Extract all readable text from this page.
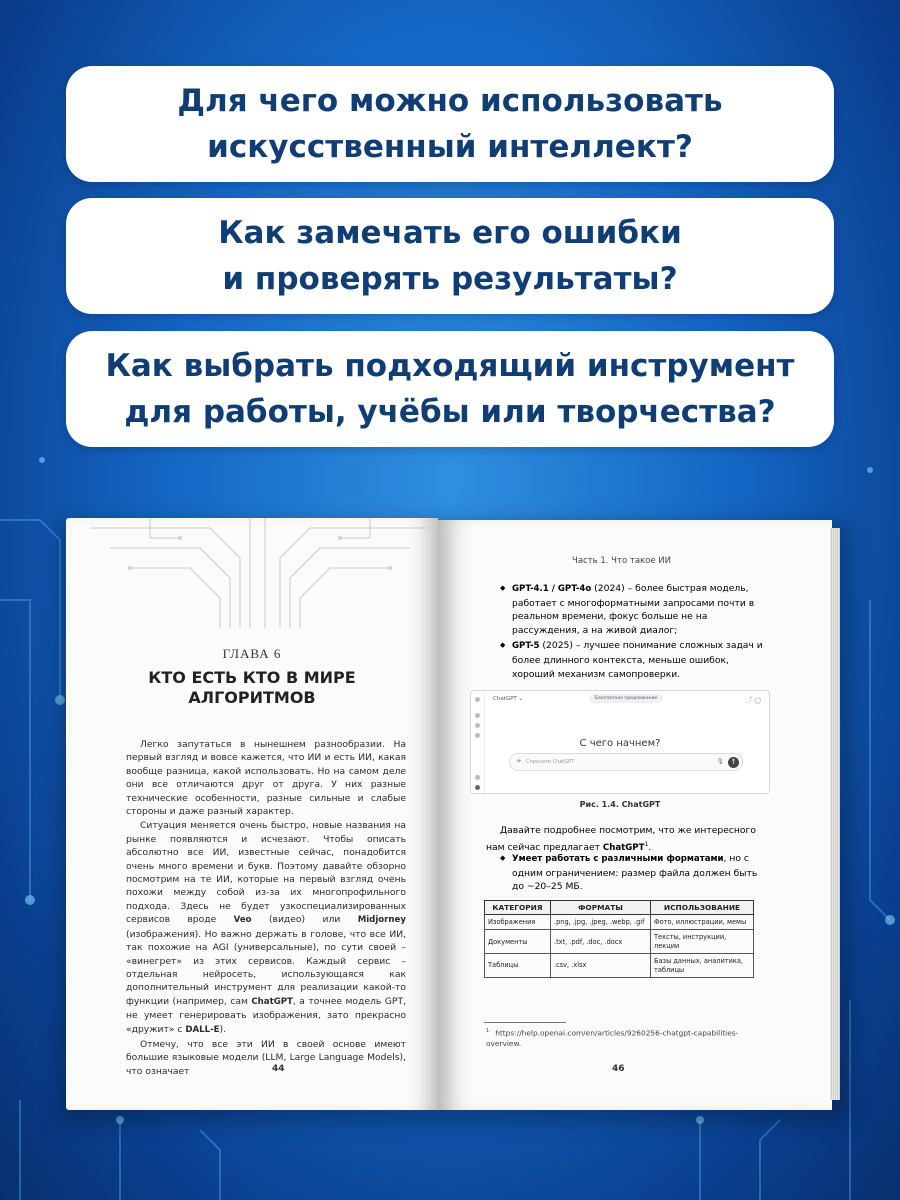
Для чего можно использовать
искусственный интеллект?
Как замечать его ошибки
и проверять результаты?
Как выбрать подходящий инструмент
для работы, учёбы или творчества?
ГЛАВА 6
КТО ЕСТЬ КТО В МИРЕ
АЛГОРИТМОВ

Легко запутаться в нынешнем разнообразии. На первый взгляд и вовсе кажется, что ИИ и есть ИИ, какая вообще разница, какой использовать. Но на самом деле они все отличаются друг от друга. У них разные технические особенности, разные сильные и слабые стороны и даже разный характер.

Ситуация меняется очень быстро, новые названия на рынке появляются и исчезают. Чтобы описать абсолютно все ИИ, известные сейчас, понадобится очень много времени и букв. Поэтому давайте обзорно посмотрим на те ИИ, которые на первый взгляд очень похожи между собой из-за их многопрофильного подхода. Здесь не будет узкоспециализированных сервисов вроде Veo (видео) или Midjorney (изображения). Но важно держать в голове, что все ИИ, так похожие на AGI (универсальные), по сути своей – «винегрет» из этих сервисов. Каждый сервис – отдельная нейросеть, использующаяся как дополнительный инструмент для реализации какой-то функции (например, сам ChatGPT, а точнее модель GPT, не умеет генерировать изображения, зато прекрасно «дружит» с DALL-E).

Отмечу, что все эти ИИ в своей основе имеют большие языковые модели (LLM, Large Language Models), что означает	44
Часть 1. Что такое ИИ
◆ GPT-4.1 / GPT-4o (2024) – более быстрая модель, работает с многоформатными запросами почти в реальном времени, фокус больше не на рассуждения, а на живой диалог;
◆ GPT-5 (2025) – лучшее понимание сложных задач и более длинного контекста, меньше ошибок, хороший механизм самопроверки.
ChatGPT ⌄	Бесплатное предложение	⤴ ◯
С чего начнем?
+ Спросите ChatGPT	🎙 ↑
Рис. 1.4. ChatGPT
Давайте подробнее посмотрим, что же интересного нам сейчас предлагает ChatGPT$^1$.
◆ Умеет работать с различными форматами, но с одним ограничением: размер файла должен быть до ~20–25 МБ.
КАТЕГОРИЯ	ФОРМАТЫ	ИСПОЛЬЗОВАНИЕ
Изображения	.png, .jpg, .jpeg, .webp, .gif	Фото, иллюстрации, мемы
Документы	.txt, .pdf, .doc, .docx	Тексты, инструкции, лекции
Таблицы	.csv, .xlsx	Базы данных, аналитика, таблицы
$^1$ https://help.openai.com/en/articles/9260256-chatgpt-capabilities-overview.
46
